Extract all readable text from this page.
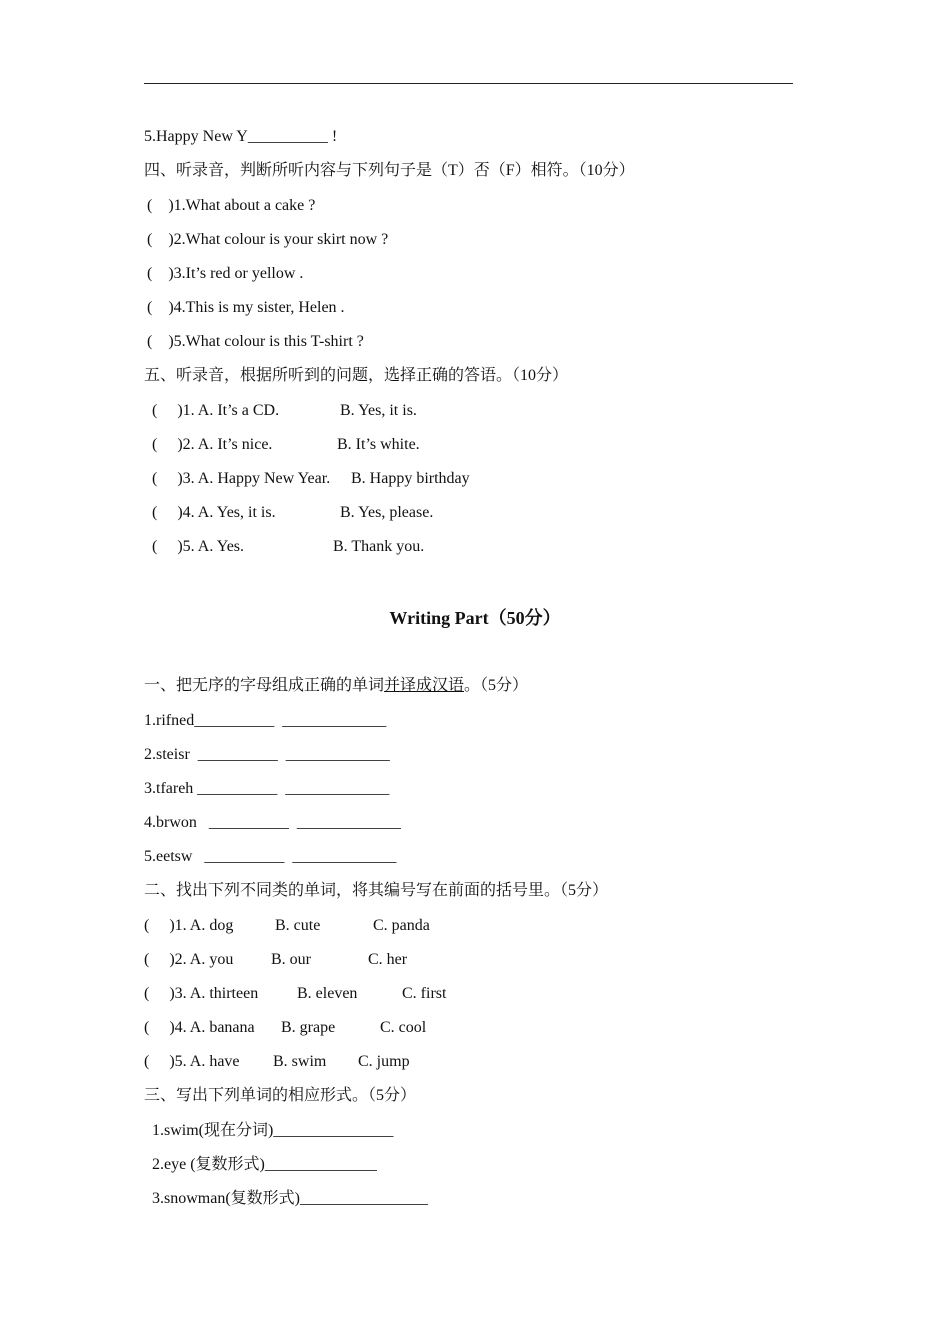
5.Happy New Y__________ !
四、听录音，判断所听内容与下列句子是（T）否（F）相符。（10分）
(    )1.What about a cake ?
(    )2.What colour is your skirt now ?
(    )3.It’s red or yellow .
(    )4.This is my sister, Helen .
(    )5.What colour is this T-shirt ?
五、听录音，根据所听到的问题，选择正确的答语。（10分）
(     )1. A. It’s a CD.	B. Yes, it is.
(     )2. A. It’s nice.	B. It’s white.
(     )3. A. Happy New Year. B. Happy birthday
(     )4. A. Yes, it is.	B. Yes, please.
(     )5. A. Yes.	B. Thank you.
Writing Part（50分）
一、把无序的字母组成正确的单词并译成汉语。（5分）
1.rifned__________  _____________
2.steisr  __________  _____________
3.tfareh __________  _____________
4.brwon   __________  _____________
5.eetsw   __________  _____________
二、找出下列不同类的单词，将其编号写在前面的括号里。（5分）
(     )1. A. dog	B. cute	C. panda
(     )2. A. you B. our	C. her
(     )3. A. thirteen B. eleven	C. first
(     )4. A. banana B. grape	C. cool
(     )5. A. have B. swim C. jump
三、写出下列单词的相应形式。（5分）
1.swim(现在分词)_______________
2.eye (复数形式)______________
3.snowman(复数形式)________________
